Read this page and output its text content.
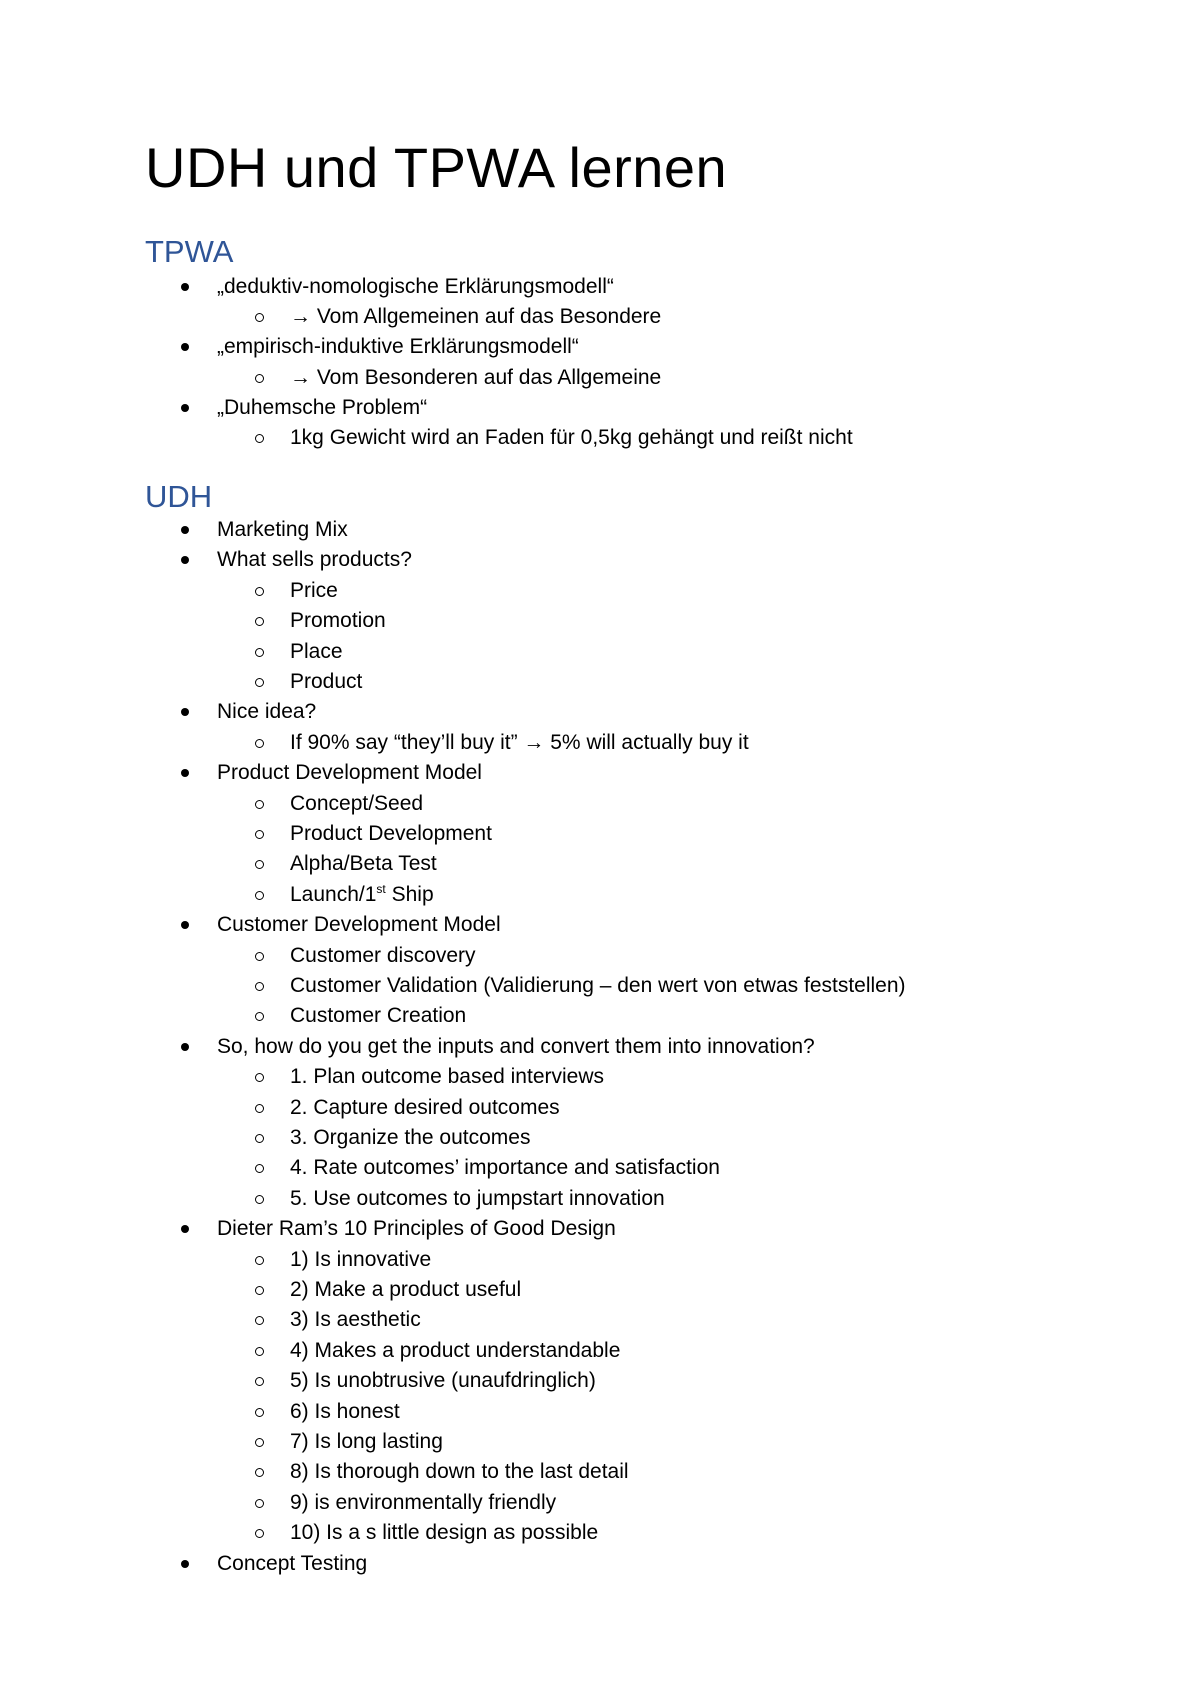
UDH und TPWA lernen
TPWA
„deduktiv-nomologische Erklärungsmodell“
→ Vom Allgemeinen auf das Besondere
„empirisch-induktive Erklärungsmodell“
→ Vom Besonderen auf das Allgemeine
„Duhemsche Problem“
1kg Gewicht wird an Faden für 0,5kg gehängt und reißt nicht
UDH
Marketing Mix
What sells products?
Price
Promotion
Place
Product
Nice idea?
If 90% say “they’ll buy it” → 5% will actually buy it
Product Development Model
Concept/Seed
Product Development
Alpha/Beta Test
Launch/1st Ship
Customer Development Model
Customer discovery
Customer Validation (Validierung – den wert von etwas feststellen)
Customer Creation
So, how do you get the inputs and convert them into innovation?
1. Plan outcome based interviews
2. Capture desired outcomes
3. Organize the outcomes
4. Rate outcomes’ importance and satisfaction
5. Use outcomes to jumpstart innovation
Dieter Ram’s 10 Principles of Good Design
1) Is innovative
2) Make a product useful
3) Is aesthetic
4) Makes a product understandable
5) Is unobtrusive (unaufdringlich)
6) Is honest
7) Is long lasting
8) Is thorough down to the last detail
9) is environmentally friendly
10) Is a s little design as possible
Concept Testing
